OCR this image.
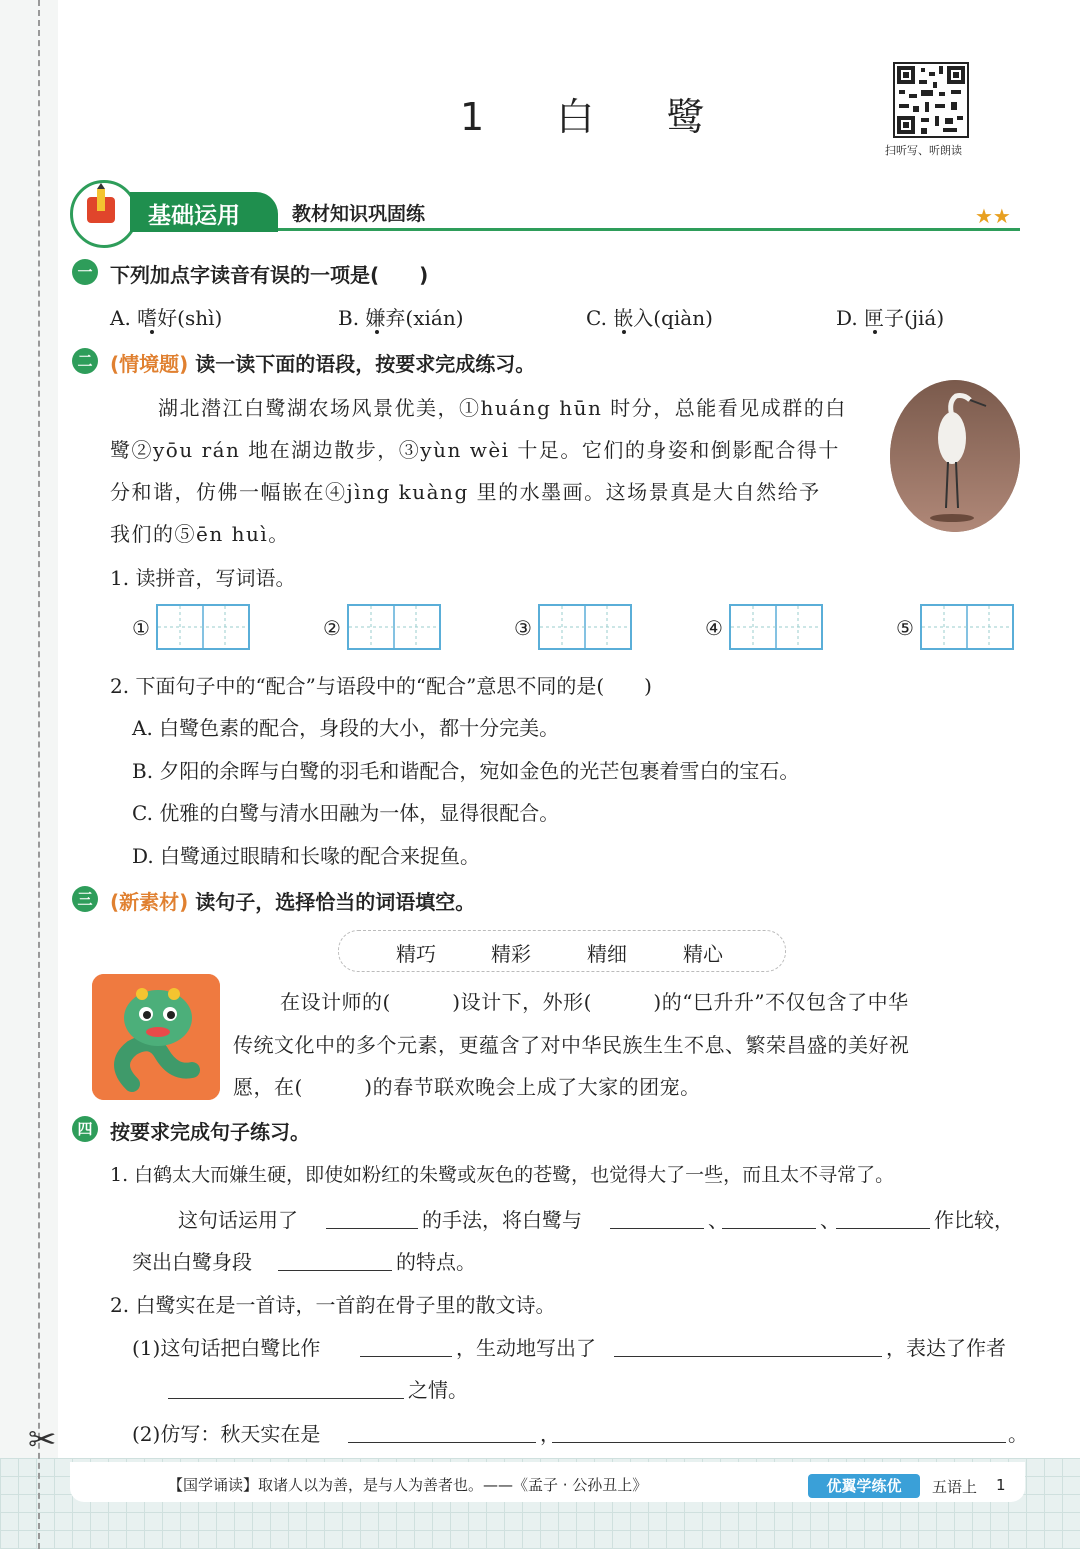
✂
1 白 鹭
扫听写、听朗读
基础运用	教材知识巩固练	★★
一 下列加点字读音有误的一项是(　　)
A. 嗜好(shì)	B. 嫌弃(xián)	C. 嵌入(qiàn)	D. 匣子(jiá)
二 (情境题) 读一读下面的语段，按要求完成练习。
湖北潜江白鹭湖农场风景优美，①huáng hūn 时分，总能看见成群的白
鹭②yōu rán 地在湖边散步，③yùn wèi 十足。它们的身姿和倒影配合得十
分和谐，仿佛一幅嵌在④jìng kuàng 里的水墨画。这场景真是大自然给予
我们的⑤ēn huì。
1. 读拼音，写词语。
①	②	③	④	⑤
2. 下面句子中的“配合”与语段中的“配合”意思不同的是(　　)
A. 白鹭色素的配合，身段的大小，都十分完美。
B. 夕阳的余晖与白鹭的羽毛和谐配合，宛如金色的光芒包裹着雪白的宝石。
C. 优雅的白鹭与清水田融为一体，显得很配合。
D. 白鹭通过眼睛和长喙的配合来捉鱼。
三 (新素材) 读句子，选择恰当的词语填空。
精巧	精彩	精细	精心
在设计师的(　　　)设计下，外形(　　　)的“巳升升”不仅包含了中华
传统文化中的多个元素，更蕴含了对中华民族生生不息、繁荣昌盛的美好祝
愿，在(　　　)的春节联欢晚会上成了大家的团宠。
四 按要求完成句子练习。
1. 白鹤太大而嫌生硬，即使如粉红的朱鹭或灰色的苍鹭，也觉得大了一些，而且太不寻常了。
这句话运用了	的手法，将白鹭与	、	、	作比较，
突出白鹭身段	的特点。
2. 白鹭实在是一首诗，一首韵在骨子里的散文诗。
(1)这句话把白鹭比作	，生动地写出了	，表达了作者
之情。
(2)仿写：秋天实在是	，	。
【国学诵读】取诸人以为善，是与人为善者也。——《孟子 · 公孙丑上》	优翼学练优	五语上 1
